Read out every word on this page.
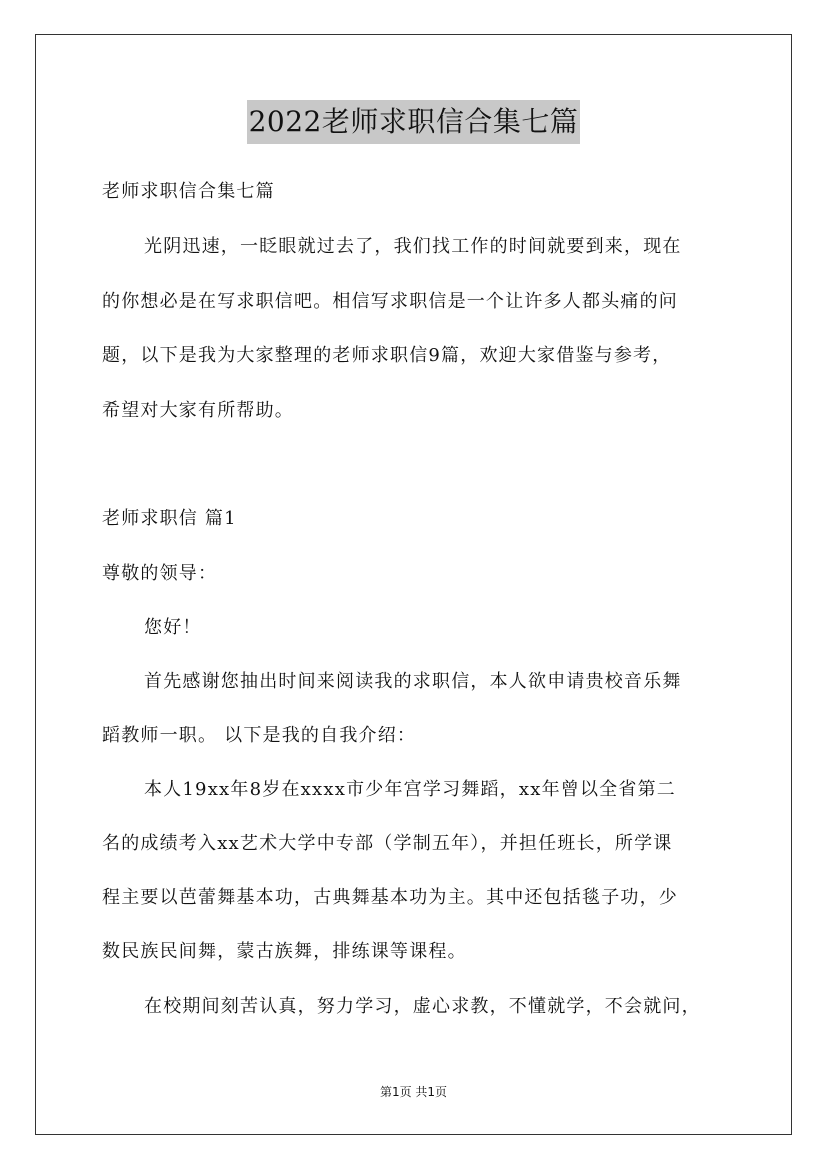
2022老师求职信合集七篇
老师求职信合集七篇
光阴迅速，一眨眼就过去了，我们找工作的时间就要到来，现在
的你想必是在写求职信吧。相信写求职信是一个让许多人都头痛的问
题，以下是我为大家整理的老师求职信9篇，欢迎大家借鉴与参考，
希望对大家有所帮助。
老师求职信 篇1
尊敬的领导：
您好！
首先感谢您抽出时间来阅读我的求职信，本人欲申请贵校音乐舞
蹈教师一职。 以下是我的自我介绍：
本人19xx年8岁在xxxx市少年宫学习舞蹈，xx年曾以全省第二
名的成绩考入xx艺术大学中专部（学制五年），并担任班长，所学课
程主要以芭蕾舞基本功，古典舞基本功为主。其中还包括毯子功，少
数民族民间舞，蒙古族舞，排练课等课程。
在校期间刻苦认真，努力学习，虚心求教，不懂就学，不会就问，
第1页 共1页
